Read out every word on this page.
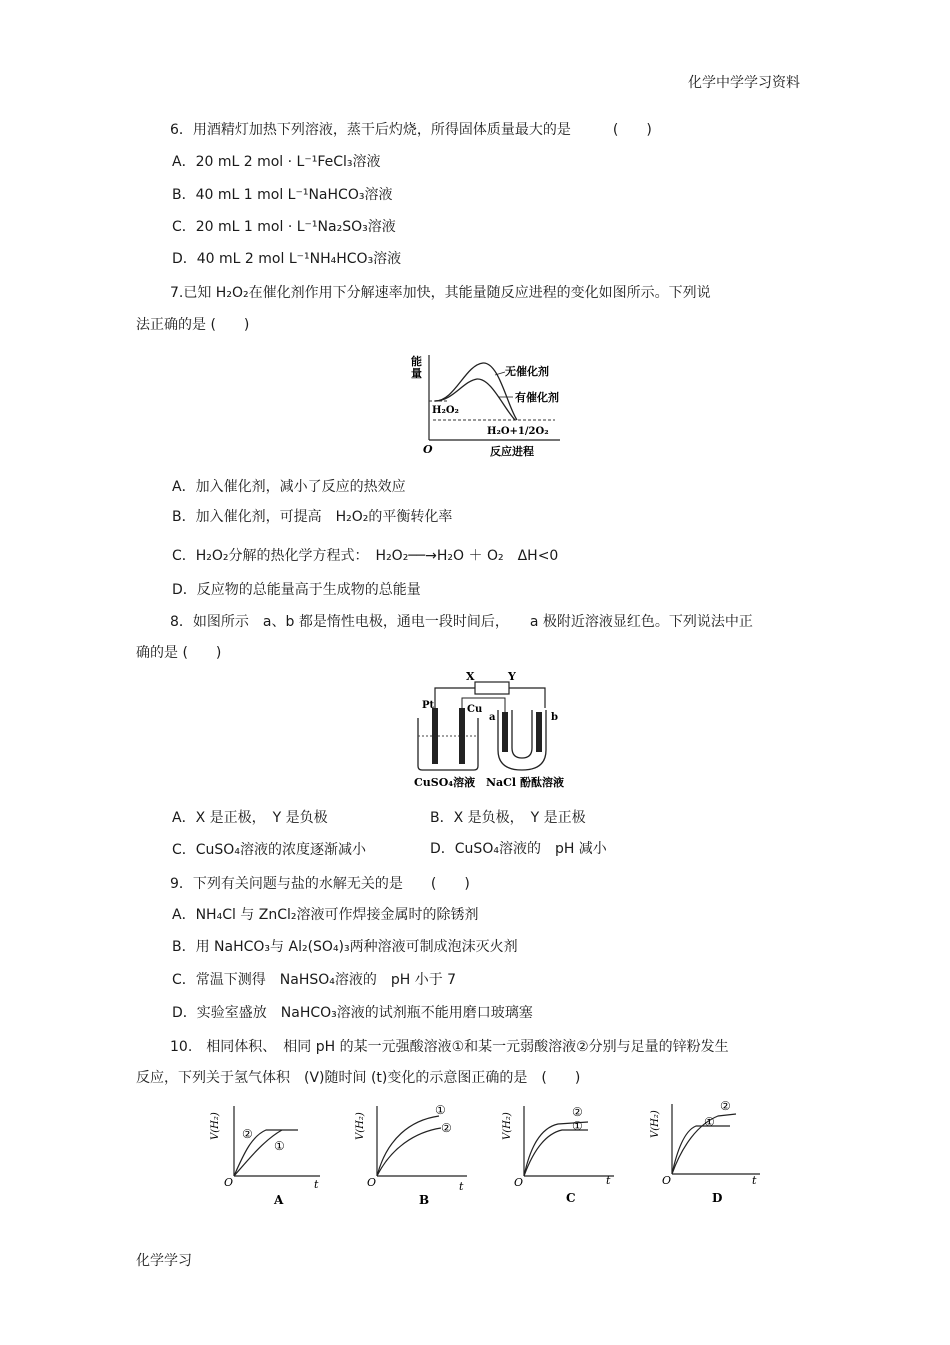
化学中学学习资料
化学学习
6．用酒精灯加热下列溶液，蒸干后灼烧，所得固体质量最大的是　　　(　　)
A．20 mL 2 mol · L⁻¹FeCl₃溶液
B．40 mL 1 mol L⁻¹NaHCO₃溶液
C．20 mL 1 mol · L⁻¹Na₂SO₃溶液
D．40 mL 2 mol L⁻¹NH₄HCO₃溶液
7.已知 H₂O₂在催化剂作用下分解速率加快，其能量随反应进程的变化如图所示。下列说
法正确的是 (　　)
能
量
O
无催化剂
有催化剂
H₂O₂
H₂O+1/2O₂
反应进程
A．加入催化剂，减小了反应的热效应
B．加入催化剂，可提高　H₂O₂的平衡转化率
C．H₂O₂分解的热化学方程式：　H₂O₂──→H₂O ＋ O₂　ΔH<0
D．反应物的总能量高于生成物的总能量
8．如图所示　a、b 都是惰性电极，通电一段时间后，　　a 极附近溶液显红色。下列说法中正
确的是 (　　)
X	Y
Pt	Cu
a	b
CuSO₄溶液 NaCl 酚酞溶液
A．X 是正极，　Y 是负极	B．X 是负极，　Y 是正极
C．CuSO₄溶液的浓度逐渐减小	D．CuSO₄溶液的　pH 减小
9．下列有关问题与盐的水解无关的是　　(　　)
A．NH₄Cl 与 ZnCl₂溶液可作焊接金属时的除锈剂
B．用 NaHCO₃与 Al₂(SO₄)₃两种溶液可制成泡沫灭火剂
C．常温下测得　NaHSO₄溶液的　pH 小于 7
D．实验室盛放　NaHCO₃溶液的试剂瓶不能用磨口玻璃塞
10.　相同体积、　相同 pH 的某一元强酸溶液①和某一元弱酸溶液②分别与足量的锌粉发生
反应，下列关于氢气体积　(V)随时间 (t)变化的示意图正确的是　(　　)
V(H₂) ②
①
O	t
A
V(H₂)
①
②
O	t
B
V(H₂)
②
①
O	t
C
V(H₂)
②
①
O	t
D
